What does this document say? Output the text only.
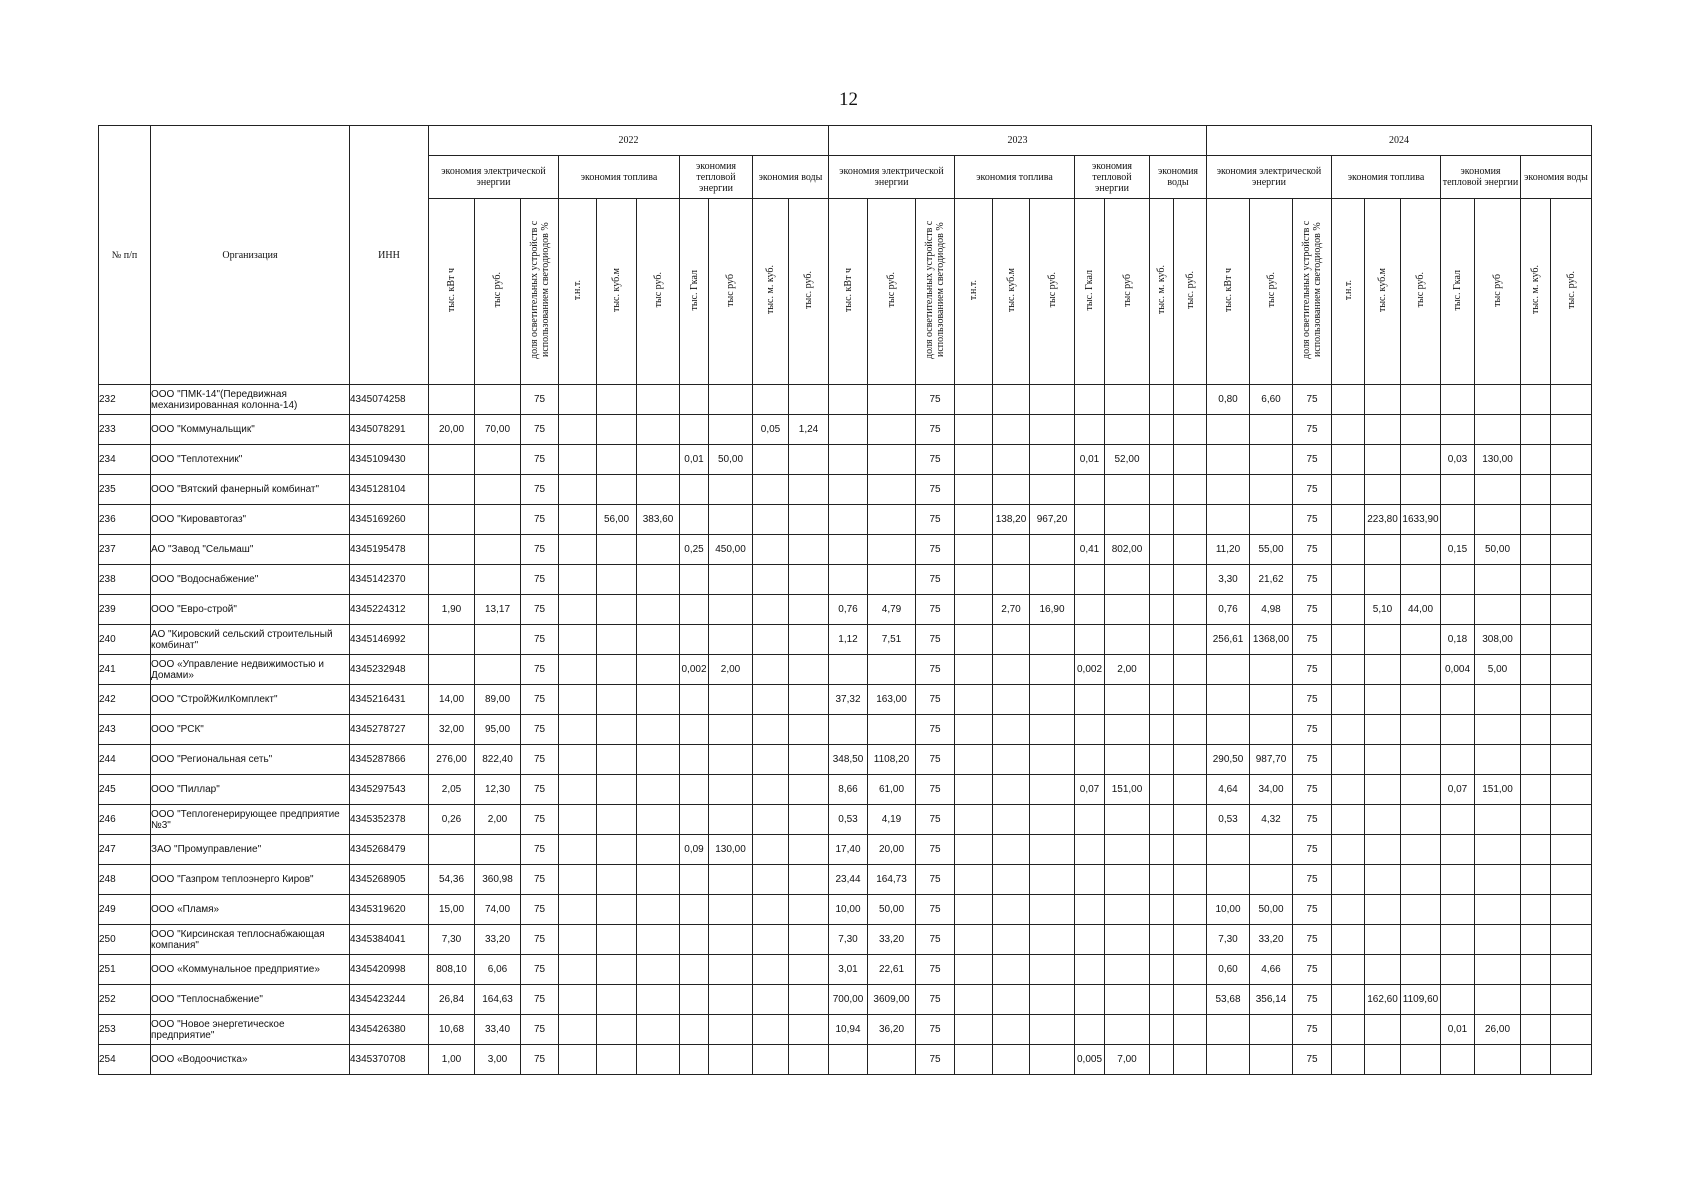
12
№ п/п	Организация	ИНН	2022										2023										2024									
			экономия электрической энергии			экономия топлива			экономия тепловой энергии		экономия воды		экономия электрической энергии			экономия топлива			экономия тепловой энергии		экономия воды		экономия электрической энергии			экономия топлива			экономия тепловой энергии		экономия воды	
			тыс. кВт ч	тыс руб.	доля осветительных устройств с использованием светодиодов %	т.н.т.	тыс. куб.м	тыс руб.	тыс. Гкал	тыс руб	тыс. м. куб.	тыс. руб.	тыс. кВт ч	тыс руб.	доля осветительных устройств с использованием светодиодов %	т.н.т.	тыс. куб.м	тыс руб.	тыс. Гкал	тыс руб	тыс. м. куб.	тыс. руб.	тыс. кВт ч	тыс руб.	доля осветительных устройств с использованием светодиодов %	т.н.т.	тыс. куб.м	тыс руб.	тыс. Гкал	тыс руб	тыс. м. куб.	тыс. руб.
232	ООО "ПМК-14"(Передвижная механизированная колонна-14)	4345074258			75										75								0,80	6,60	75							
233	ООО "Коммунальщик"	4345078291	20,00	70,00	75						0,05	1,24			75										75							
234	ООО "Теплотехник"	4345109430			75				0,01	50,00					75				0,01	52,00					75				0,03	130,00		
235	ООО "Вятский фанерный комбинат"	4345128104			75										75										75							
236	ООО "Кировавтогаз"	4345169260			75		56,00	383,60							75		138,20	967,20							75		223,80	1633,90				
237	АО "Завод "Сельмаш"	4345195478			75				0,25	450,00					75				0,41	802,00			11,20	55,00	75				0,15	50,00		
238	ООО "Водоснабжение"	4345142370			75										75								3,30	21,62	75							
239	ООО "Евро-строй"	4345224312	1,90	13,17	75								0,76	4,79	75		2,70	16,90					0,76	4,98	75		5,10	44,00				
240	АО "Кировский сельский строительный комбинат"	4345146992			75								1,12	7,51	75								256,61	1368,00	75				0,18	308,00		
241	ООО «Управление недвижимостью и Домами»	4345232948			75				0,002	2,00					75				0,002	2,00					75				0,004	5,00		
242	ООО "СтройЖилКомплект"	4345216431	14,00	89,00	75								37,32	163,00	75										75							
243	ООО "РСК"	4345278727	32,00	95,00	75										75										75							
244	ООО "Региональная сеть"	4345287866	276,00	822,40	75								348,50	1108,20	75								290,50	987,70	75							
245	ООО "Пиллар"	4345297543	2,05	12,30	75								8,66	61,00	75				0,07	151,00			4,64	34,00	75				0,07	151,00		
246	ООО "Теплогенерирующее предприятие №3"	4345352378	0,26	2,00	75								0,53	4,19	75								0,53	4,32	75							
247	ЗАО "Промуправление"	4345268479			75				0,09	130,00			17,40	20,00	75										75							
248	ООО "Газпром теплоэнерго Киров"	4345268905	54,36	360,98	75								23,44	164,73	75										75							
249	ООО «Пламя»	4345319620	15,00	74,00	75								10,00	50,00	75								10,00	50,00	75							
250	ООО "Кирсинская теплоснабжающая компания"	4345384041	7,30	33,20	75								7,30	33,20	75								7,30	33,20	75							
251	ООО «Коммунальное предприятие»	4345420998	808,10	6,06	75								3,01	22,61	75								0,60	4,66	75							
252	ООО "Теплоснабжение"	4345423244	26,84	164,63	75								700,00	3609,00	75								53,68	356,14	75		162,60	1109,60				
253	ООО "Новое энергетическое предприятие"	4345426380	10,68	33,40	75								10,94	36,20	75										75				0,01	26,00		
254	ООО «Водоочистка»	4345370708	1,00	3,00	75										75				0,005	7,00					75							
